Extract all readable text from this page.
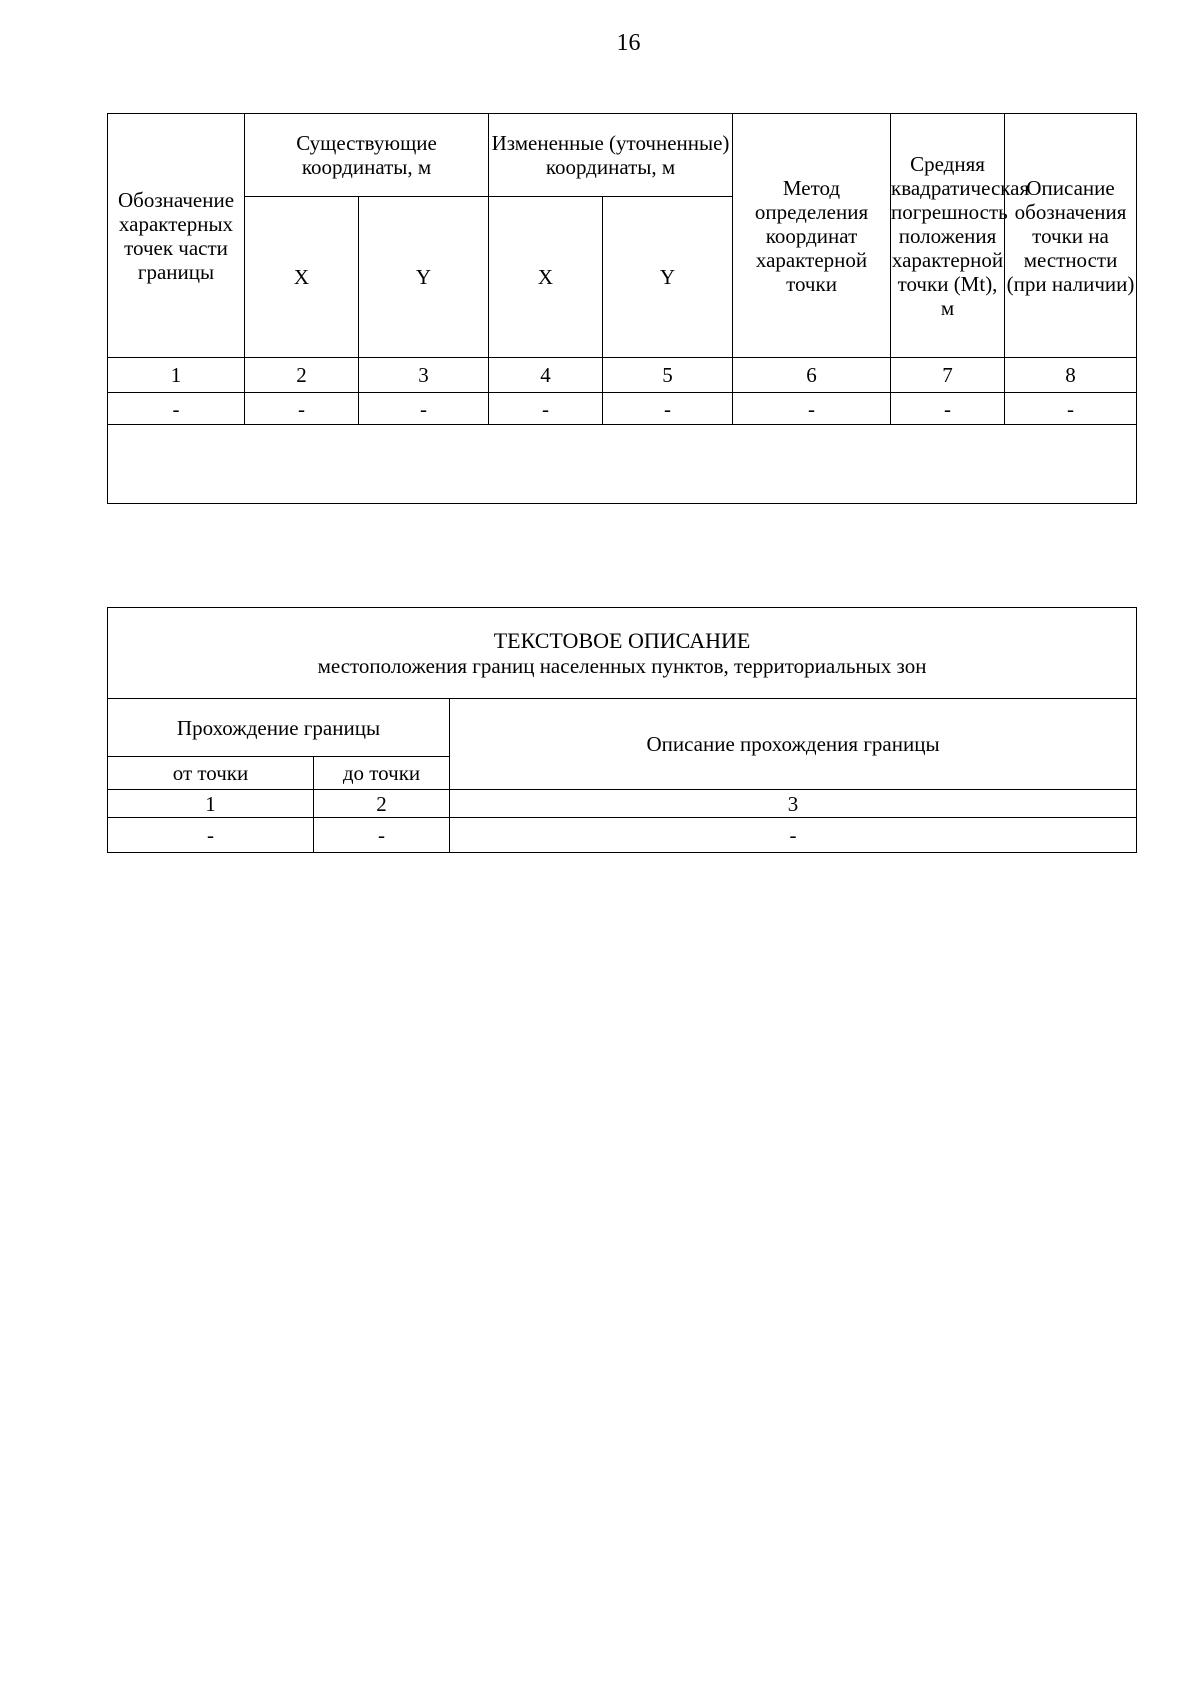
16
Обозначение характерных точек части границы	Существующие координаты, м		Измененные (уточненные) координаты, м		Метод определения координат характерной точки	Средняя квадратическая погрешность положения характерной точки (Mt), м	Описание обозначения точки на местности (при наличии)
	X	Y	X	Y			
1	2	3	4	5	6	7	8
-	-	-	-	-	-	-	-

ТЕКСТОВОЕ ОПИСАНИЕ
местоположения границ населенных пунктов, территориальных зон		

Прохождение границы		Описание прохождения границы
от точки	до точки	
1	2	3
-	-	-
